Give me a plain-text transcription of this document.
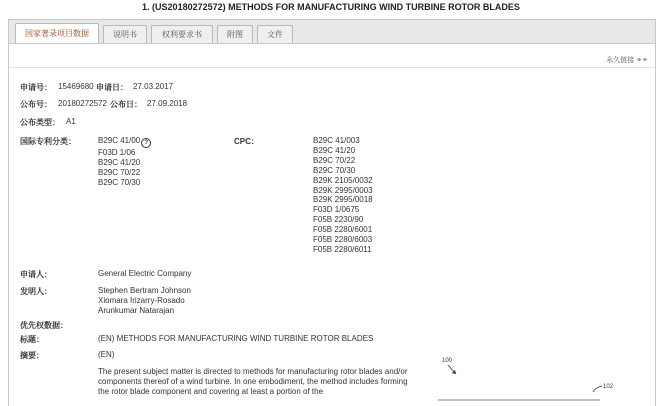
1. (US20180272572) METHODS FOR MANUFACTURING WIND TURBINE ROTOR BLADES
国家著录项目数据	说明书	权利要求书	附图	文件
永久链接 ⚭⚭
申请号： 15469680 申请日： 27.03.2017
公布号： 20180272572 公布日： 27.09.2018
公布类型： A1
国际专利分类：	B29C 41/00 ?
F03D 1/06
B29C 41/20
B29C 70/22
B29C 70/30
CPC：	B29C 41/003
B29C 41/20
B29C 70/22
B29C 70/30
B29K 2105/0032
B29K 2995/0003
B29K 2995/0018
F03D 1/0675
F05B 2230/90
F05B 2280/6001
F05B 2280/6003
F05B 2280/6011
申请人：	General Electric Company
发明人：	Stephen Bertram Johnson
Xiomara Irizarry-Rosado
Arunkumar Natarajan
优先权数据：
标题：	(EN) METHODS FOR MANUFACTURING WIND TURBINE ROTOR BLADES
摘要：	(EN)
The present subject matter is directed to methods for manufacturing rotor blades and/or components thereof of a wind turbine. In one embodiment, the method includes forming the rotor blade component and covering at least a portion of the
100
102
